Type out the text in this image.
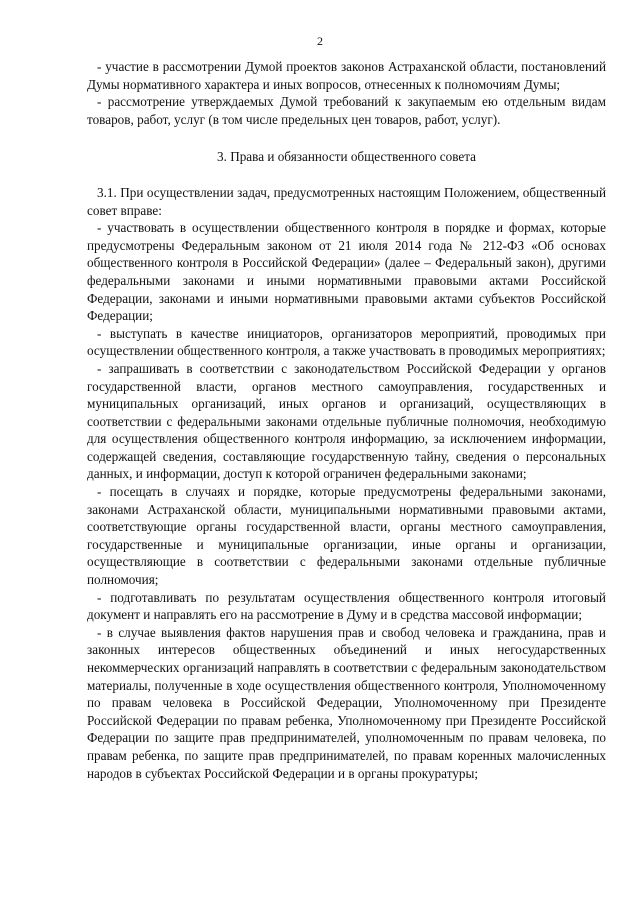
2

- участие в рассмотрении Думой проектов законов Астраханской области, постановлений Думы нормативного характера и иных вопросов, отнесенных к полномочиям Думы;

- рассмотрение утверждаемых Думой требований к закупаемым ею отдельным видам товаров, работ, услуг (в том числе предельных цен товаров, работ, услуг).

3. Права и обязанности общественного совета

3.1. При осуществлении задач, предусмотренных настоящим Положением, общественный совет вправе:

- участвовать в осуществлении общественного контроля в порядке и формах, которые предусмотрены Федеральным законом от 21 июля 2014 года № 212-ФЗ «Об основах общественного контроля в Российской Федерации» (далее – Федеральный закон), другими федеральными законами и иными нормативными правовыми актами Российской Федерации, законами и иными нормативными правовыми актами субъектов Российской Федерации;

- выступать в качестве инициаторов, организаторов мероприятий, проводимых при осуществлении общественного контроля, а также участвовать в проводимых мероприятиях;

- запрашивать в соответствии с законодательством Российской Федерации у органов государственной власти, органов местного самоуправления, государственных и муниципальных организаций, иных органов и организаций, осуществляющих в соответствии с федеральными законами отдельные публичные полномочия, необходимую для осуществления общественного контроля информацию, за исключением информации, содержащей сведения, составляющие государственную тайну, сведения о персональных данных, и информации, доступ к которой ограничен федеральными законами;

- посещать в случаях и порядке, которые предусмотрены федеральными законами, законами Астраханской области, муниципальными нормативными правовыми актами, соответствующие органы государственной власти, органы местного самоуправления, государственные и муниципальные организации, иные органы и организации, осуществляющие в соответствии с федеральными законами отдельные публичные полномочия;

- подготавливать по результатам осуществления общественного контроля итоговый документ и направлять его на рассмотрение в Думу и в средства массовой информации;

- в случае выявления фактов нарушения прав и свобод человека и гражданина, прав и законных интересов общественных объединений и иных негосударственных некоммерческих организаций направлять в соответствии с федеральным законодательством материалы, полученные в ходе осуществления общественного контроля, Уполномоченному по правам человека в Российской Федерации, Уполномоченному при Президенте Российской Федерации по правам ребенка, Уполномоченному при Президенте Российской Федерации по защите прав предпринимателей, уполномоченным по правам человека, по правам ребенка, по защите прав предпринимателей, по правам коренных малочисленных народов в субъектах Российской Федерации и в органы прокуратуры;
